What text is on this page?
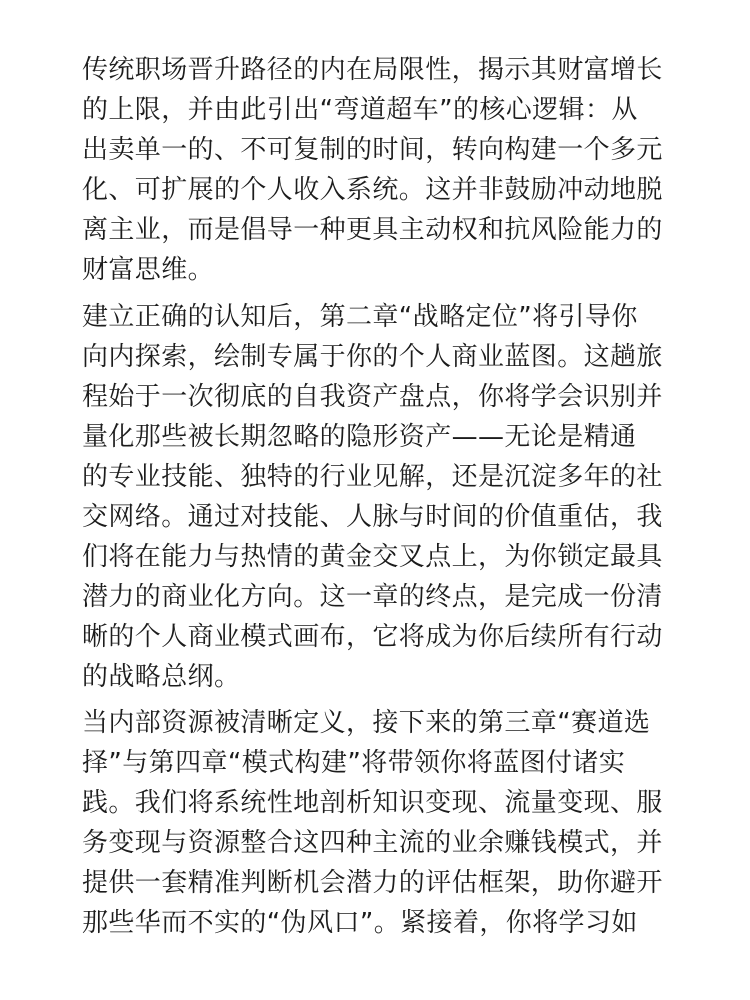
传统职场晋升路径的内在局限性，揭示其财富增长
的上限，并由此引出“弯道超车”的核心逻辑：从
出卖单一的、不可复制的时间，转向构建一个多元
化、可扩展的个人收入系统。这并非鼓励冲动地脱
离主业，而是倡导一种更具主动权和抗风险能力的
财富思维。
建立正确的认知后，第二章“战略定位”将引导你
向内探索，绘制专属于你的个人商业蓝图。这趟旅
程始于一次彻底的自我资产盘点，你将学会识别并
量化那些被长期忽略的隐形资产——无论是精通
的专业技能、独特的行业见解，还是沉淀多年的社
交网络。通过对技能、人脉与时间的价值重估，我
们将在能力与热情的黄金交叉点上，为你锁定最具
潜力的商业化方向。这一章的终点，是完成一份清
晰的个人商业模式画布，它将成为你后续所有行动
的战略总纲。
当内部资源被清晰定义，接下来的第三章“赛道选
择”与第四章“模式构建”将带领你将蓝图付诸实
践。我们将系统性地剖析知识变现、流量变现、服
务变现与资源整合这四种主流的业余赚钱模式，并
提供一套精准判断机会潜力的评估框架，助你避开
那些华而不实的“伪风口”。紧接着，你将学习如
